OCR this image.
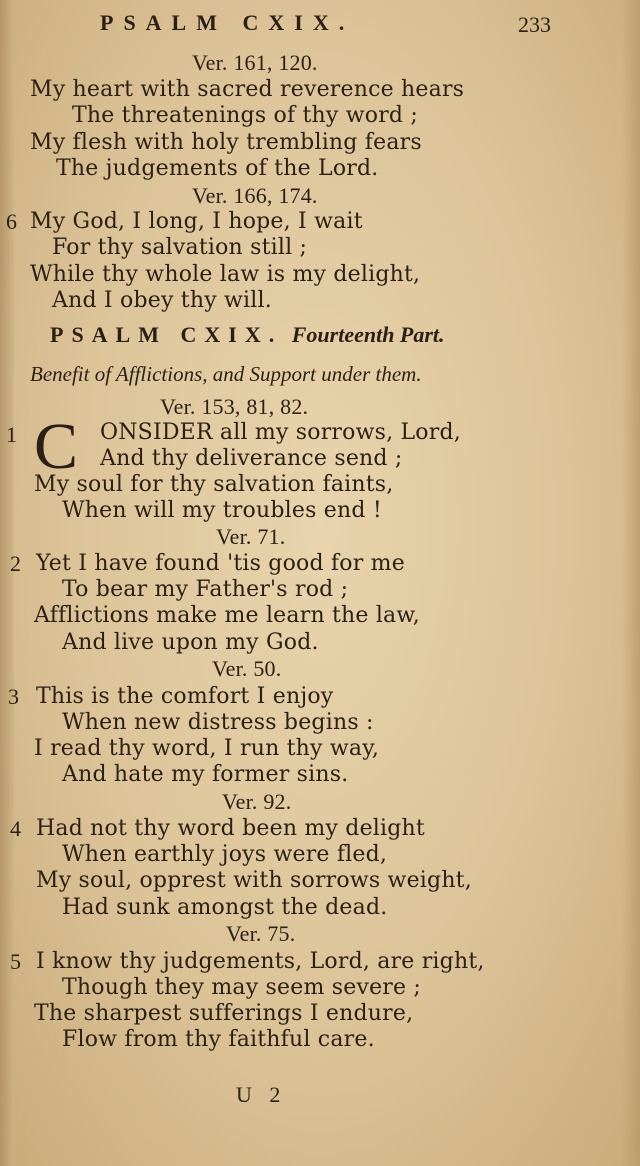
PSALM CXIX.	233
Ver. 161, 120.
My heart with sacred reverence hears
The threatenings of thy word ;
My flesh with holy trembling fears
The judgements of the Lord.
Ver. 166, 174.
6 My God, I long, I hope, I wait
For thy salvation still ;
While thy whole law is my delight,
And I obey thy will.
PSALM CXIX. Fourteenth Part.
Benefit of Afflictions, and Support under them.
Ver. 153, 81, 82.
1 C ONSIDER all my sorrows, Lord,
And thy deliverance send ;
My soul for thy salvation faints,
When will my troubles end !
Ver. 71.
2 Yet I have found 'tis good for me
To bear my Father's rod ;
Afflictions make me learn the law,
And live upon my God.
Ver. 50.
3 This is the comfort I enjoy
When new distress begins :
I read thy word, I run thy way,
And hate my former sins.
Ver. 92.
4 Had not thy word been my delight
When earthly joys were fled,
My soul, opprest with sorrows weight,
Had sunk amongst the dead.
Ver. 75.
5 I know thy judgements, Lord, are right,
Though they may seem severe ;
The sharpest sufferings I endure,
Flow from thy faithful care.
U 2
